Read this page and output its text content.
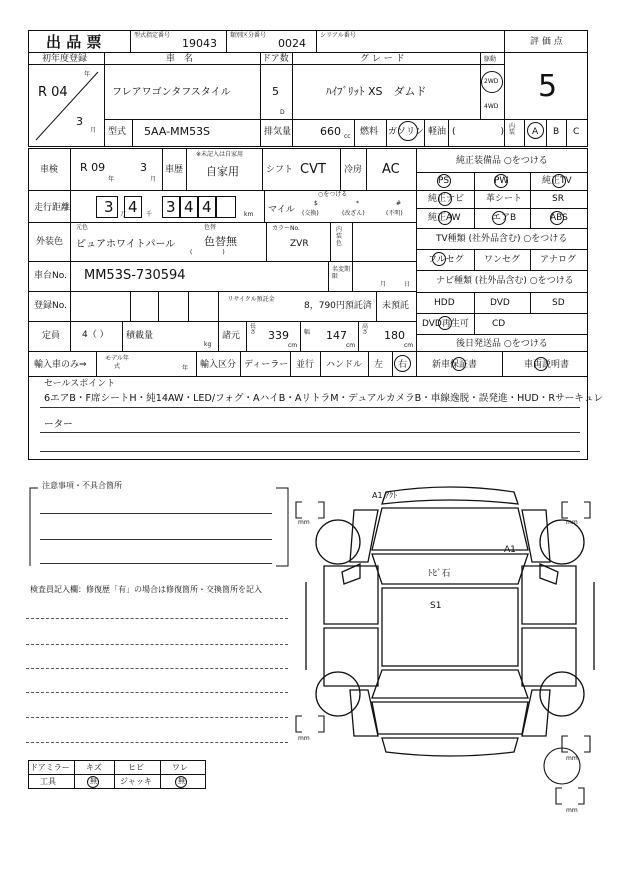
出 品 票	型式指定番号
19043
類別区分番号
0024
シリアル番号
評 価 点
5
初年度登録
年
R 04
3
月
車　名
フレアワゴンタフスタイル
ドア数
5
D
グ レ ー ド
ﾊｲﾌﾞﾘｯﾄ XS　ダムド
駆動
2WD
4WD
型式 5AA-MM53S	排気量	660 cc 燃料 ガソリン 軽油 (　　　　　)
内装	A B C
車検 R 09
年
3
月
車歴
※未記入は自家用
自家用	シフト CVT 冷房 AC
走行距離 3 万 4 千 3 4 4	km マイル
○をつける
$
(交換)
*
(改ざん)
#
(不明)
外装色
元色
ピュアホワイトパール
色替
色替無
(　　　　　)
カラーNo.
ZVR
内装色
車台No. MM53S-730594	名変期限
月	日
登録No.
リサイクル預託金
8，790円預託済 未預託
定員 4（ ） 積載量
kg
諸元
長さ 339
cm
幅 147
cm
高さ 180
cm
輸入車のみ⇒
モデル年式	年 輸入区分 ディーラー 並行 ハンドル 左 右
純正装備品 ○をつける
PS	PW	純正TV
純正ナビ 革シート	SR
純正AW	エアB	ABS
TV種類 (社外品含む) ○をつける
フルセグ ワンセグ アナログ
ナビ種類 (社外品含む) ○をつける
HDD	DVD	SD
DVD再生可	CD
後日発送品 ○をつける
新車保証書	車両説明書
セールスポイント
6エアB・F席シートH・純14AW・LED/フォグ・AハイB・AリトラM・デュアルカメラB・車線逸脱・誤発進・HUD・Rサーキュレ
ーター
注意事項・不具合箇所
検査員記入欄：修復歴「有」の場合は修復箇所・交換箇所を記入
ドアミラー キズ	ヒビ	ワレ
工具	無	ジャッキ	無
A1 ｱｸﾄ
A1
ﾄﾋﾞ石
S1
mm	mm
mm
mm
mm
